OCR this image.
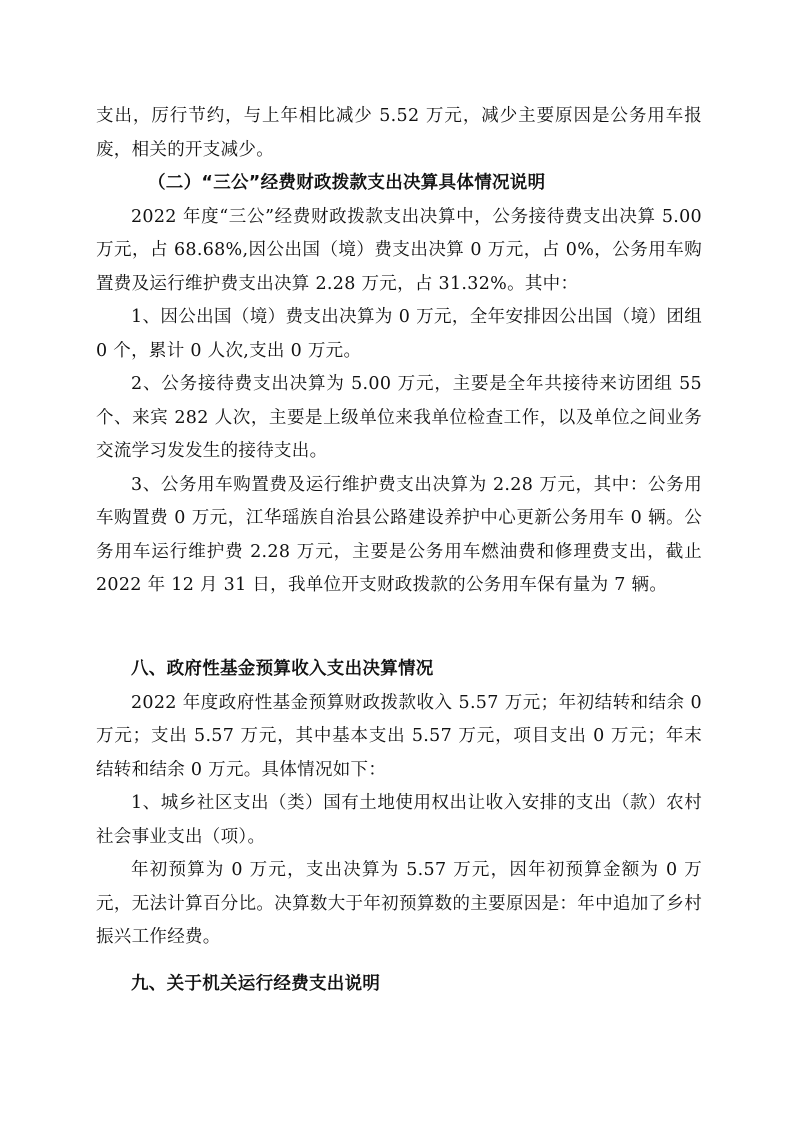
支出，厉行节约，与上年相比减少 5.52 万元，减少主要原因是公务用车报废，相关的开支减少。

（二）“三公”经费财政拨款支出决算具体情况说明

2022 年度“三公”经费财政拨款支出决算中，公务接待费支出决算 5.00 万元，占 68.68%,因公出国（境）费支出决算 0 万元，占 0%，公务用车购置费及运行维护费支出决算 2.28 万元，占 31.32%。其中：

1、因公出国（境）费支出决算为 0 万元，全年安排因公出国（境）团组 0 个，累计 0 人次,支出 0 万元。

2、公务接待费支出决算为 5.00 万元，主要是全年共接待来访团组 55 个、来宾 282 人次，主要是上级单位来我单位检查工作，以及单位之间业务交流学习发发生的接待支出。

3、公务用车购置费及运行维护费支出决算为 2.28 万元，其中：公务用车购置费 0 万元，江华瑶族自治县公路建设养护中心更新公务用车 0 辆。公务用车运行维护费 2.28 万元，主要是公务用车燃油费和修理费支出，截止 2022 年 12 月 31 日，我单位开支财政拨款的公务用车保有量为 7 辆。

八、政府性基金预算收入支出决算情况

2022 年度政府性基金预算财政拨款收入 5.57 万元；年初结转和结余 0 万元；支出 5.57 万元，其中基本支出 5.57 万元，项目支出 0 万元；年末结转和结余 0 万元。具体情况如下：

1、城乡社区支出（类）国有土地使用权出让收入安排的支出（款）农村社会事业支出（项）。

年初预算为 0 万元，支出决算为 5.57 万元，因年初预算金额为 0 万元，无法计算百分比。决算数大于年初预算数的主要原因是：年中追加了乡村振兴工作经费。

九、关于机关运行经费支出说明
